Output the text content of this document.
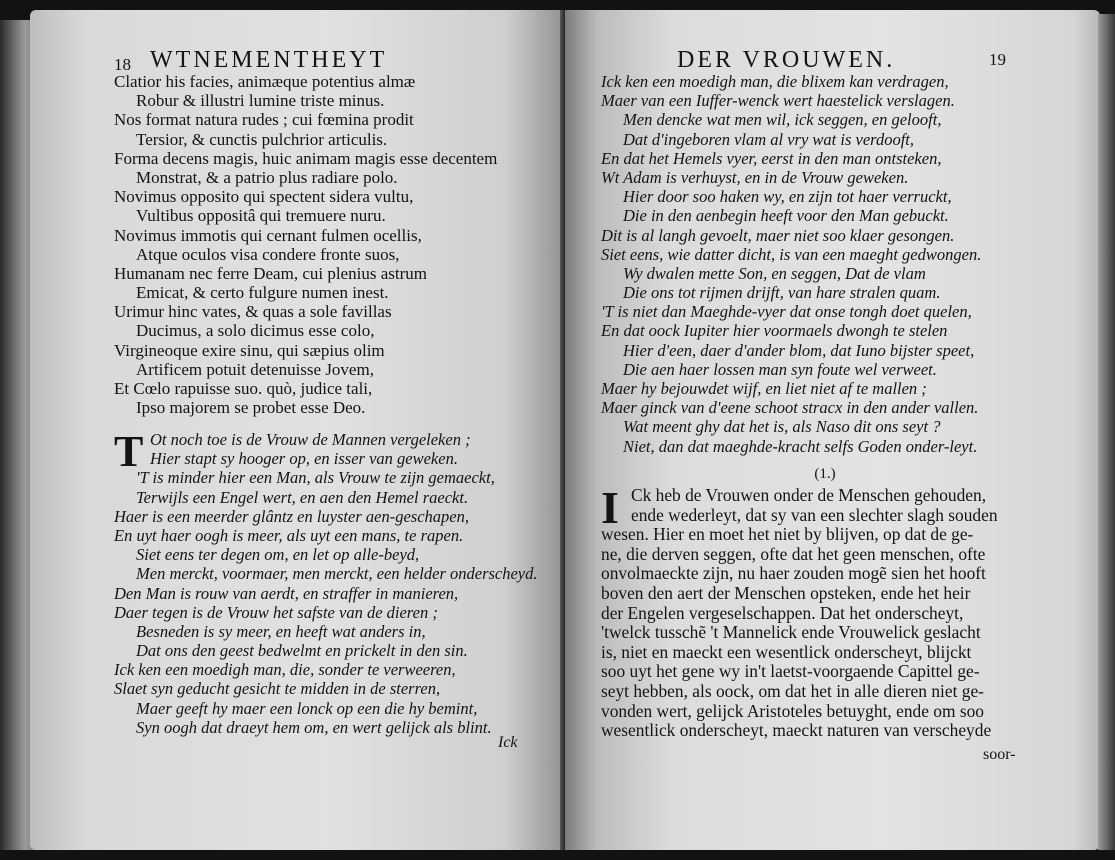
18 WTNEMENTHEYT
Clatior his facies, animæque potentius almæ
Robur & illustri lumine triste minus.
Nos format natura rudes ; cui fœmina prodit
Tersior, & cunctis pulchrior articulis.
Forma decens magis, huic animam magis esse decentem
Monstrat, & a patrio plus radiare polo.
Novimus opposito qui spectent sidera vultu,
Vultibus oppositâ qui tremuere nuru.
Novimus immotis qui cernant fulmen ocellis,
Atque oculos visa condere fronte suos,
Humanam nec ferre Deam, cui plenius astrum
Emicat, & certo fulgure numen inest.
Urimur hinc vates, & quas a sole favillas
Ducimus, a solo dicimus esse colo,
Virgineoque exire sinu, qui sæpius olim
Artificem potuit detenuisse Jovem,
Et Cœlo rapuisse suo. quò, judice tali,
Ipso majorem se probet esse Deo.
T Ot noch toe is de Vrouw de Mannen vergeleken ;
Hier stapt sy hooger op, en isser van geweken.
'T is minder hier een Man, als Vrouw te zijn gemaeckt,
Terwijls een Engel wert, en aen den Hemel raeckt.
Haer is een meerder glântz en luyster aen-geschapen,
En uyt haer oogh is meer, als uyt een mans, te rapen.
Siet eens ter degen om, en let op alle-beyd,
Men merckt, voormaer, men merckt, een helder onderscheyd.
Den Man is rouw van aerdt, en straffer in manieren,
Daer tegen is de Vrouw het safste van de dieren ;
Besneden is sy meer, en heeft wat anders in,
Dat ons den geest bedwelmt en prickelt in den sin.
Ick ken een moedigh man, die, sonder te verweeren,
Slaet syn geducht gesicht te midden in de sterren,
Maer geeft hy maer een lonck op een die hy bemint,
Syn oogh dat draeyt hem om, en wert gelijck als blint.
Ick
DER VROUWEN.	19
Ick ken een moedigh man, die blixem kan verdragen,
Maer van een Iuffer-wenck wert haestelick verslagen.
Men dencke wat men wil, ick seggen, en gelooft,
Dat d'ingeboren vlam al vry wat is verdooft,
En dat het Hemels vyer, eerst in den man ontsteken,
Wt Adam is verhuyst, en in de Vrouw geweken.
Hier door soo haken wy, en zijn tot haer verruckt,
Die in den aenbegin heeft voor den Man gebuckt.
Dit is al langh gevoelt, maer niet soo klaer gesongen.
Siet eens, wie datter dicht, is van een maeght gedwongen.
Wy dwalen mette Son, en seggen, Dat de vlam
Die ons tot rijmen drijft, van hare stralen quam.
'T is niet dan Maeghde-vyer dat onse tongh doet quelen,
En dat oock Iupiter hier voormaels dwongh te stelen
Hier d'een, daer d'ander blom, dat Iuno bijster speet,
Die aen haer lossen man syn foute wel verweet.
Maer hy bejouwdet wijf, en liet niet af te mallen ;
Maer ginck van d'eene schoot stracx in den ander vallen.
Wat meent ghy dat het is, als Naso dit ons seyt ?
Niet, dan dat maeghde-kracht selfs Goden onder-leyt.
(1.)
I Ck heb de Vrouwen onder de Menschen gehouden,
ende wederleyt, dat sy van een slechter slagh souden
wesen. Hier en moet het niet by blijven, op dat de ge-
ne, die derven seggen, ofte dat het geen menschen, ofte
onvolmaeckte zijn, nu haer zouden mogẽ sien het hooft
boven den aert der Menschen opsteken, ende het heir
der Engelen vergeselschappen. Dat het onderscheyt,
'twelck tusschẽ 't Mannelick ende Vrouwelick geslacht
is, niet en maeckt een wesentlick onderscheyt, blijckt
soo uyt het gene wy in't laetst-voorgaende Capittel ge-
seyt hebben, als oock, om dat het in alle dieren niet ge-
vonden wert, gelijck Aristoteles betuyght, ende om soo
wesentlick onderscheyt, maeckt naturen van verscheyde
soor-
